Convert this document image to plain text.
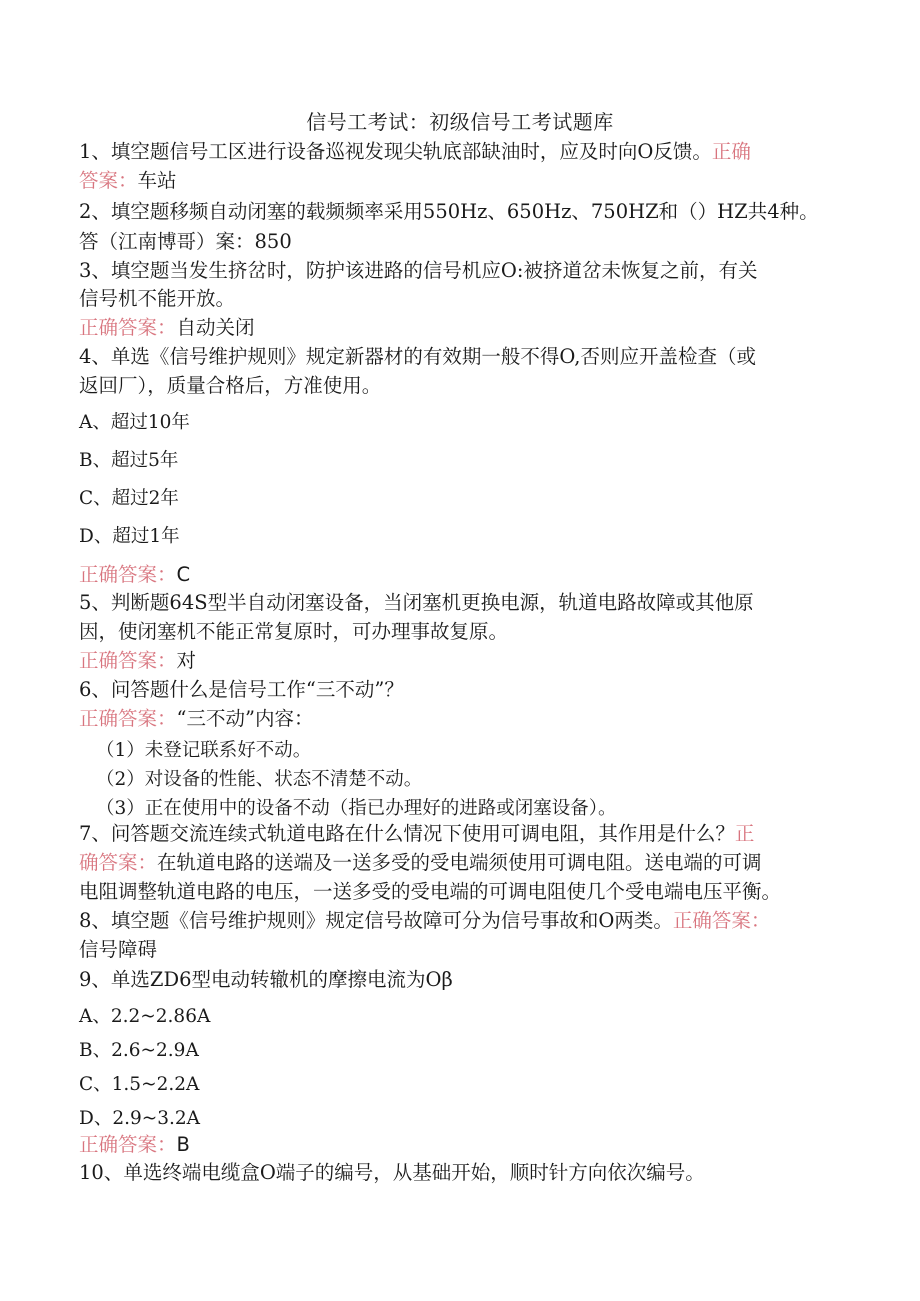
信号工考试：初级信号工考试题库
1、填空题信号工区进行设备巡视发现尖轨底部缺油时，应及时向O反馈。正确
答案：车站
2、填空题移频自动闭塞的载频频率采用550Hz、650Hz、750HZ和（）HZ共4种。
答（江南博哥）案：850
3、填空题当发生挤岔时，防护该进路的信号机应O:被挤道岔未恢复之前，有关
信号机不能开放。
正确答案：自动关闭
4、单选《信号维护规则》规定新器材的有效期一般不得O,否则应开盖检查（或
返回厂），质量合格后，方准使用。
A、超过10年
B、超过5年
C、超过2年
D、超过1年
正确答案：C
5、判断题64S型半自动闭塞设备，当闭塞机更换电源，轨道电路故障或其他原
因，使闭塞机不能正常复原时，可办理事故复原。
正确答案：对
6、问答题什么是信号工作“三不动”？
正确答案：“三不动”内容：
（1）未登记联系好不动。
（2）对设备的性能、状态不清楚不动。
（3）正在使用中的设备不动（指已办理好的进路或闭塞设备）。
7、问答题交流连续式轨道电路在什么情况下使用可调电阻，其作用是什么？正
确答案：在轨道电路的送端及一送多受的受电端须使用可调电阻。送电端的可调
电阻调整轨道电路的电压，一送多受的受电端的可调电阻使几个受电端电压平衡。
8、填空题《信号维护规则》规定信号故障可分为信号事故和O两类。正确答案：
信号障碍
9、单选ZD6型电动转辙机的摩擦电流为Oβ
A、2.2~2.86A
B、2.6~2.9A
C、1.5~2.2A
D、2.9~3.2A
正确答案：B
10、单选终端电缆盒O端子的编号，从基础开始，顺时针方向依次编号。
